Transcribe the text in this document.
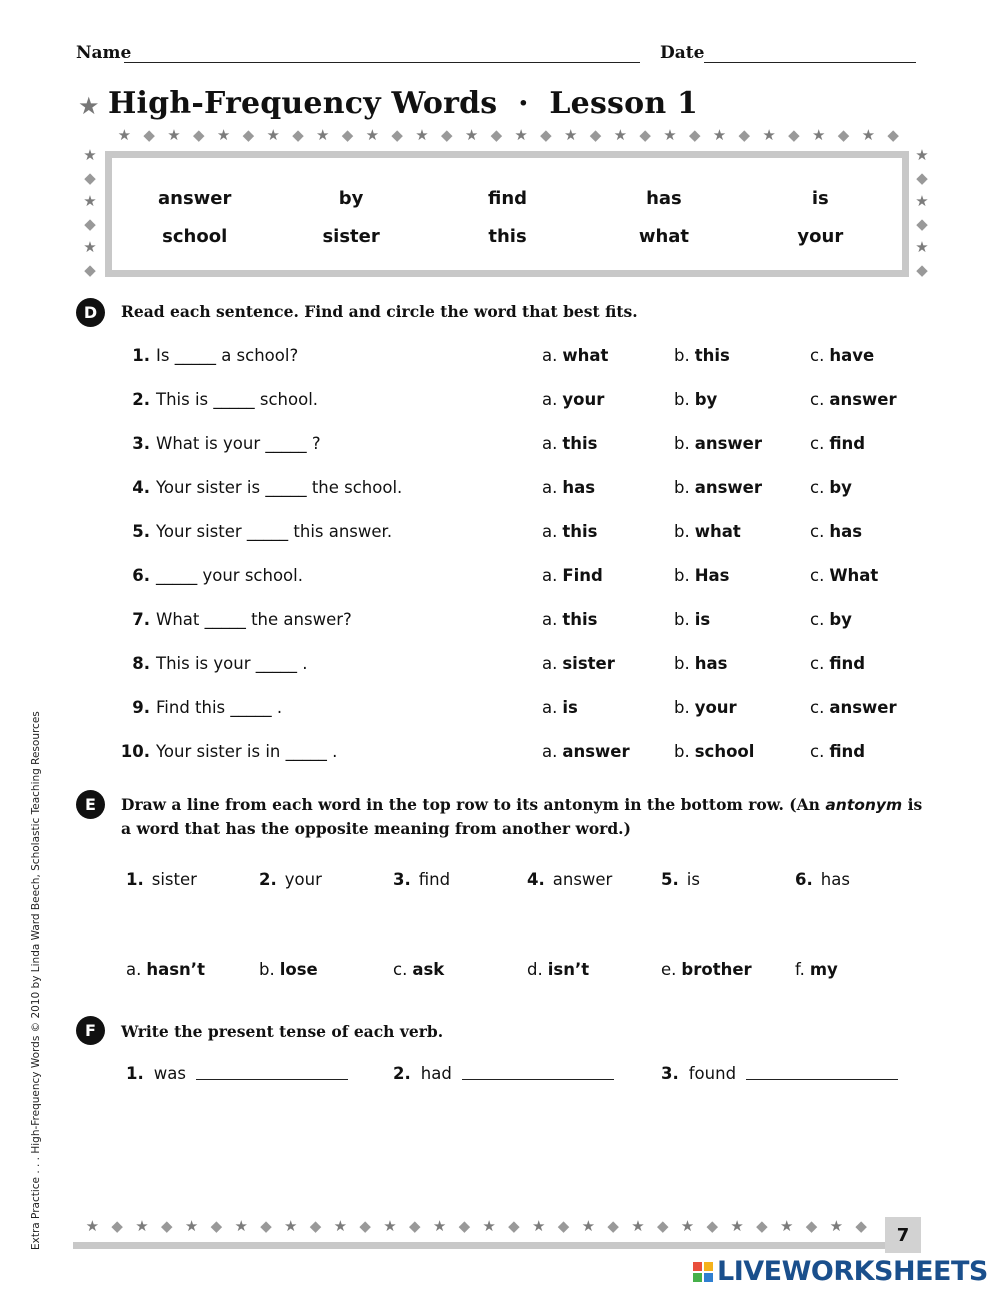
Name	Date
★ High-Frequency Words · Lesson 1
★ ◆ ★ ◆ ★ ◆ ★ ◆ ★ ◆ ★ ◆ ★ ◆ ★ ◆ ★ ◆ ★ ◆ ★ ◆ ★ ◆ ★ ◆ ★ ◆ ★ ◆ ★ ◆
★
◆
★
◆
★
◆
★
◆
★
◆
★
◆
answer	by	find	has	is
school	sister	this	what	your
D	Read each sentence. Find and circle the word that best fits.
E	Draw a line from each word in the top row to its antonym in the bottom row. (An antonym is
a word that has the opposite meaning from another word.)
F	Write the present tense of each verb.
Extra Practice . . . High-Frequency Words © 2010 by Linda Ward Beech, Scholastic Teaching Resources	★ ◆ ★ ◆ ★ ◆ ★ ◆ ★ ◆ ★ ◆ ★ ◆ ★ ◆ ★ ◆ ★ ◆ ★ ◆ ★ ◆ ★ ◆ ★ ◆ ★ ◆ ★ ◆	7
LIVEWORKSHEETS
1. Is _____ a school?	a. what	b. this	c. have
2. This is _____ school.	a. your	b. by	c. answer
3. What is your _____ ?	a. this	b. answer	c. find
4. Your sister is _____ the school.	a. has	b. answer	c. by
5. Your sister _____ this answer.	a. this	b. what	c. has
6. _____ your school.	a. Find	b. Has	c. What
7. What _____ the answer?	a. this	b. is	c. by
8. This is your _____ .	a. sister	b. has	c. find
9. Find this _____ .	a. is	b. your	c. answer
10. Your sister is in _____ .	a. answer	b. school	c. find
1. sister	2. your	3. find	4. answer	5. is	6. has
a. hasn’t	b. lose	c. ask	d. isn’t	e. brother	f. my
1. was	2. had	3. found
